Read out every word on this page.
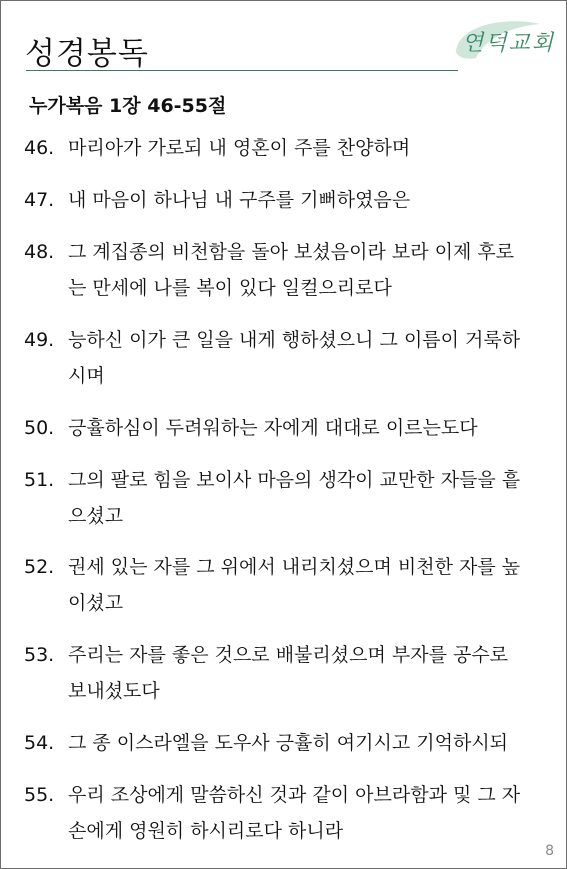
성경봉독	연덕교회
누가복음 1장 46-55절
46. 마리아가 가로되 내 영혼이 주를 찬양하며
47. 내 마음이 하나님 내 구주를 기뻐하였음은
48. 그 계집종의 비천함을 돌아 보셨음이라 보라 이제 후로
는 만세에 나를 복이 있다 일컬으리로다
49. 능하신 이가 큰 일을 내게 행하셨으니 그 이름이 거룩하
시며
50. 긍휼하심이 두려워하는 자에게 대대로 이르는도다
51. 그의 팔로 힘을 보이사 마음의 생각이 교만한 자들을 흩
으셨고
52. 권세 있는 자를 그 위에서 내리치셨으며 비천한 자를 높
이셨고
53. 주리는 자를 좋은 것으로 배불리셨으며 부자를 공수로
보내셨도다
54. 그 종 이스라엘을 도우사 긍휼히 여기시고 기억하시되
55. 우리 조상에게 말씀하신 것과 같이 아브라함과 및 그 자
손에게 영원히 하시리로다 하니라
8
